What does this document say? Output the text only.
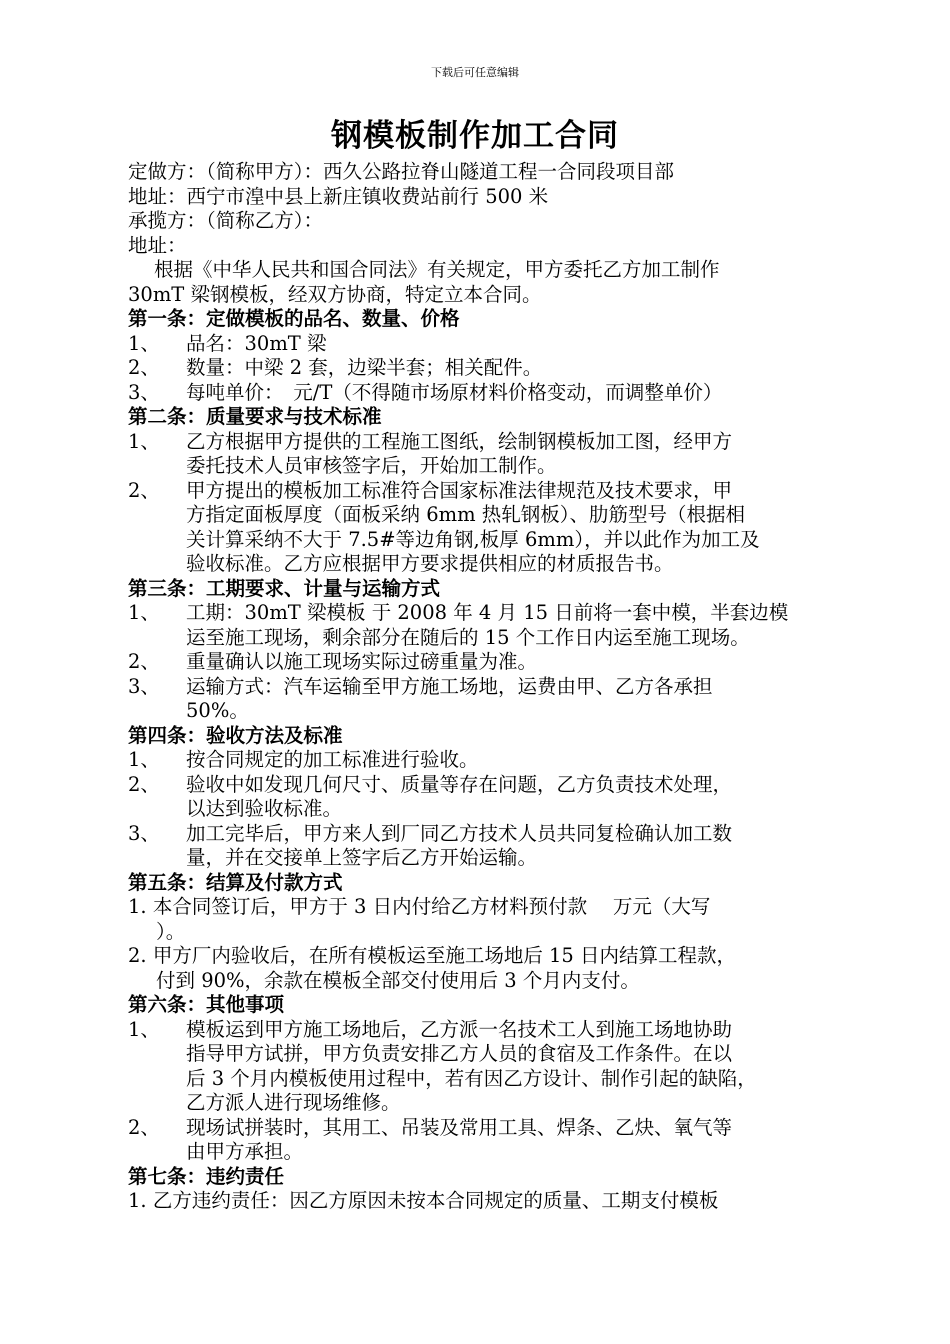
下载后可任意编辑
钢模板制作加工合同
定做方：（简称甲方）：西久公路拉脊山隧道工程一合同段项目部
地址：西宁市湟中县上新庄镇收费站前行 500 米
承揽方：（简称乙方）：
地址：
根据《中华人民共和国合同法》有关规定，甲方委托乙方加工制作
30mT 梁钢模板，经双方协商，特定立本合同。
第一条：定做模板的品名、数量、价格
1、	品名：30mT 梁
2、	数量：中梁 2 套，边梁半套；相关配件。
3、	每吨单价：　元/T（不得随市场原材料价格变动，而调整单价）
第二条：质量要求与技术标准
1、	乙方根据甲方提供的工程施工图纸，绘制钢模板加工图，经甲方
委托技术人员审核签字后，开始加工制作。
2、	甲方提出的模板加工标准符合国家标准法律规范及技术要求，甲
方指定面板厚度（面板采纳 6mm 热轧钢板）、肋筋型号（根据相
关计算采纳不大于 7.5#等边角钢,板厚 6mm），并以此作为加工及
验收标准。乙方应根据甲方要求提供相应的材质报告书。
第三条：工期要求、计量与运输方式
1、	工期：30mT 梁模板 于 2008 年 4 月 15 日前将一套中模，半套边模
运至施工现场，剩余部分在随后的 15 个工作日内运至施工现场。
2、	重量确认以施工现场实际过磅重量为准。
3、	运输方式：汽车运输至甲方施工场地，运费由甲、乙方各承担
50%。
第四条：验收方法及标准
1、	按合同规定的加工标准进行验收。
2、	验收中如发现几何尺寸、质量等存在问题，乙方负责技术处理，
以达到验收标准。
3、	加工完毕后，甲方来人到厂同乙方技术人员共同复检确认加工数
量，并在交接单上签字后乙方开始运输。
第五条：结算及付款方式
1. 本合同签订后，甲方于 3 日内付给乙方材料预付款　 万元（大写
）。
2. 甲方厂内验收后，在所有模板运至施工场地后 15 日内结算工程款，
付到 90%，余款在模板全部交付使用后 3 个月内支付。
第六条：其他事项
1、	模板运到甲方施工场地后，乙方派一名技术工人到施工场地协助
指导甲方试拼，甲方负责安排乙方人员的食宿及工作条件。在以
后 3 个月内模板使用过程中，若有因乙方设计、制作引起的缺陷，
乙方派人进行现场维修。
2、	现场试拼装时，其用工、吊装及常用工具、焊条、乙炔、氧气等
由甲方承担。
第七条：违约责任
1. 乙方违约责任：因乙方原因未按本合同规定的质量、工期支付模板
